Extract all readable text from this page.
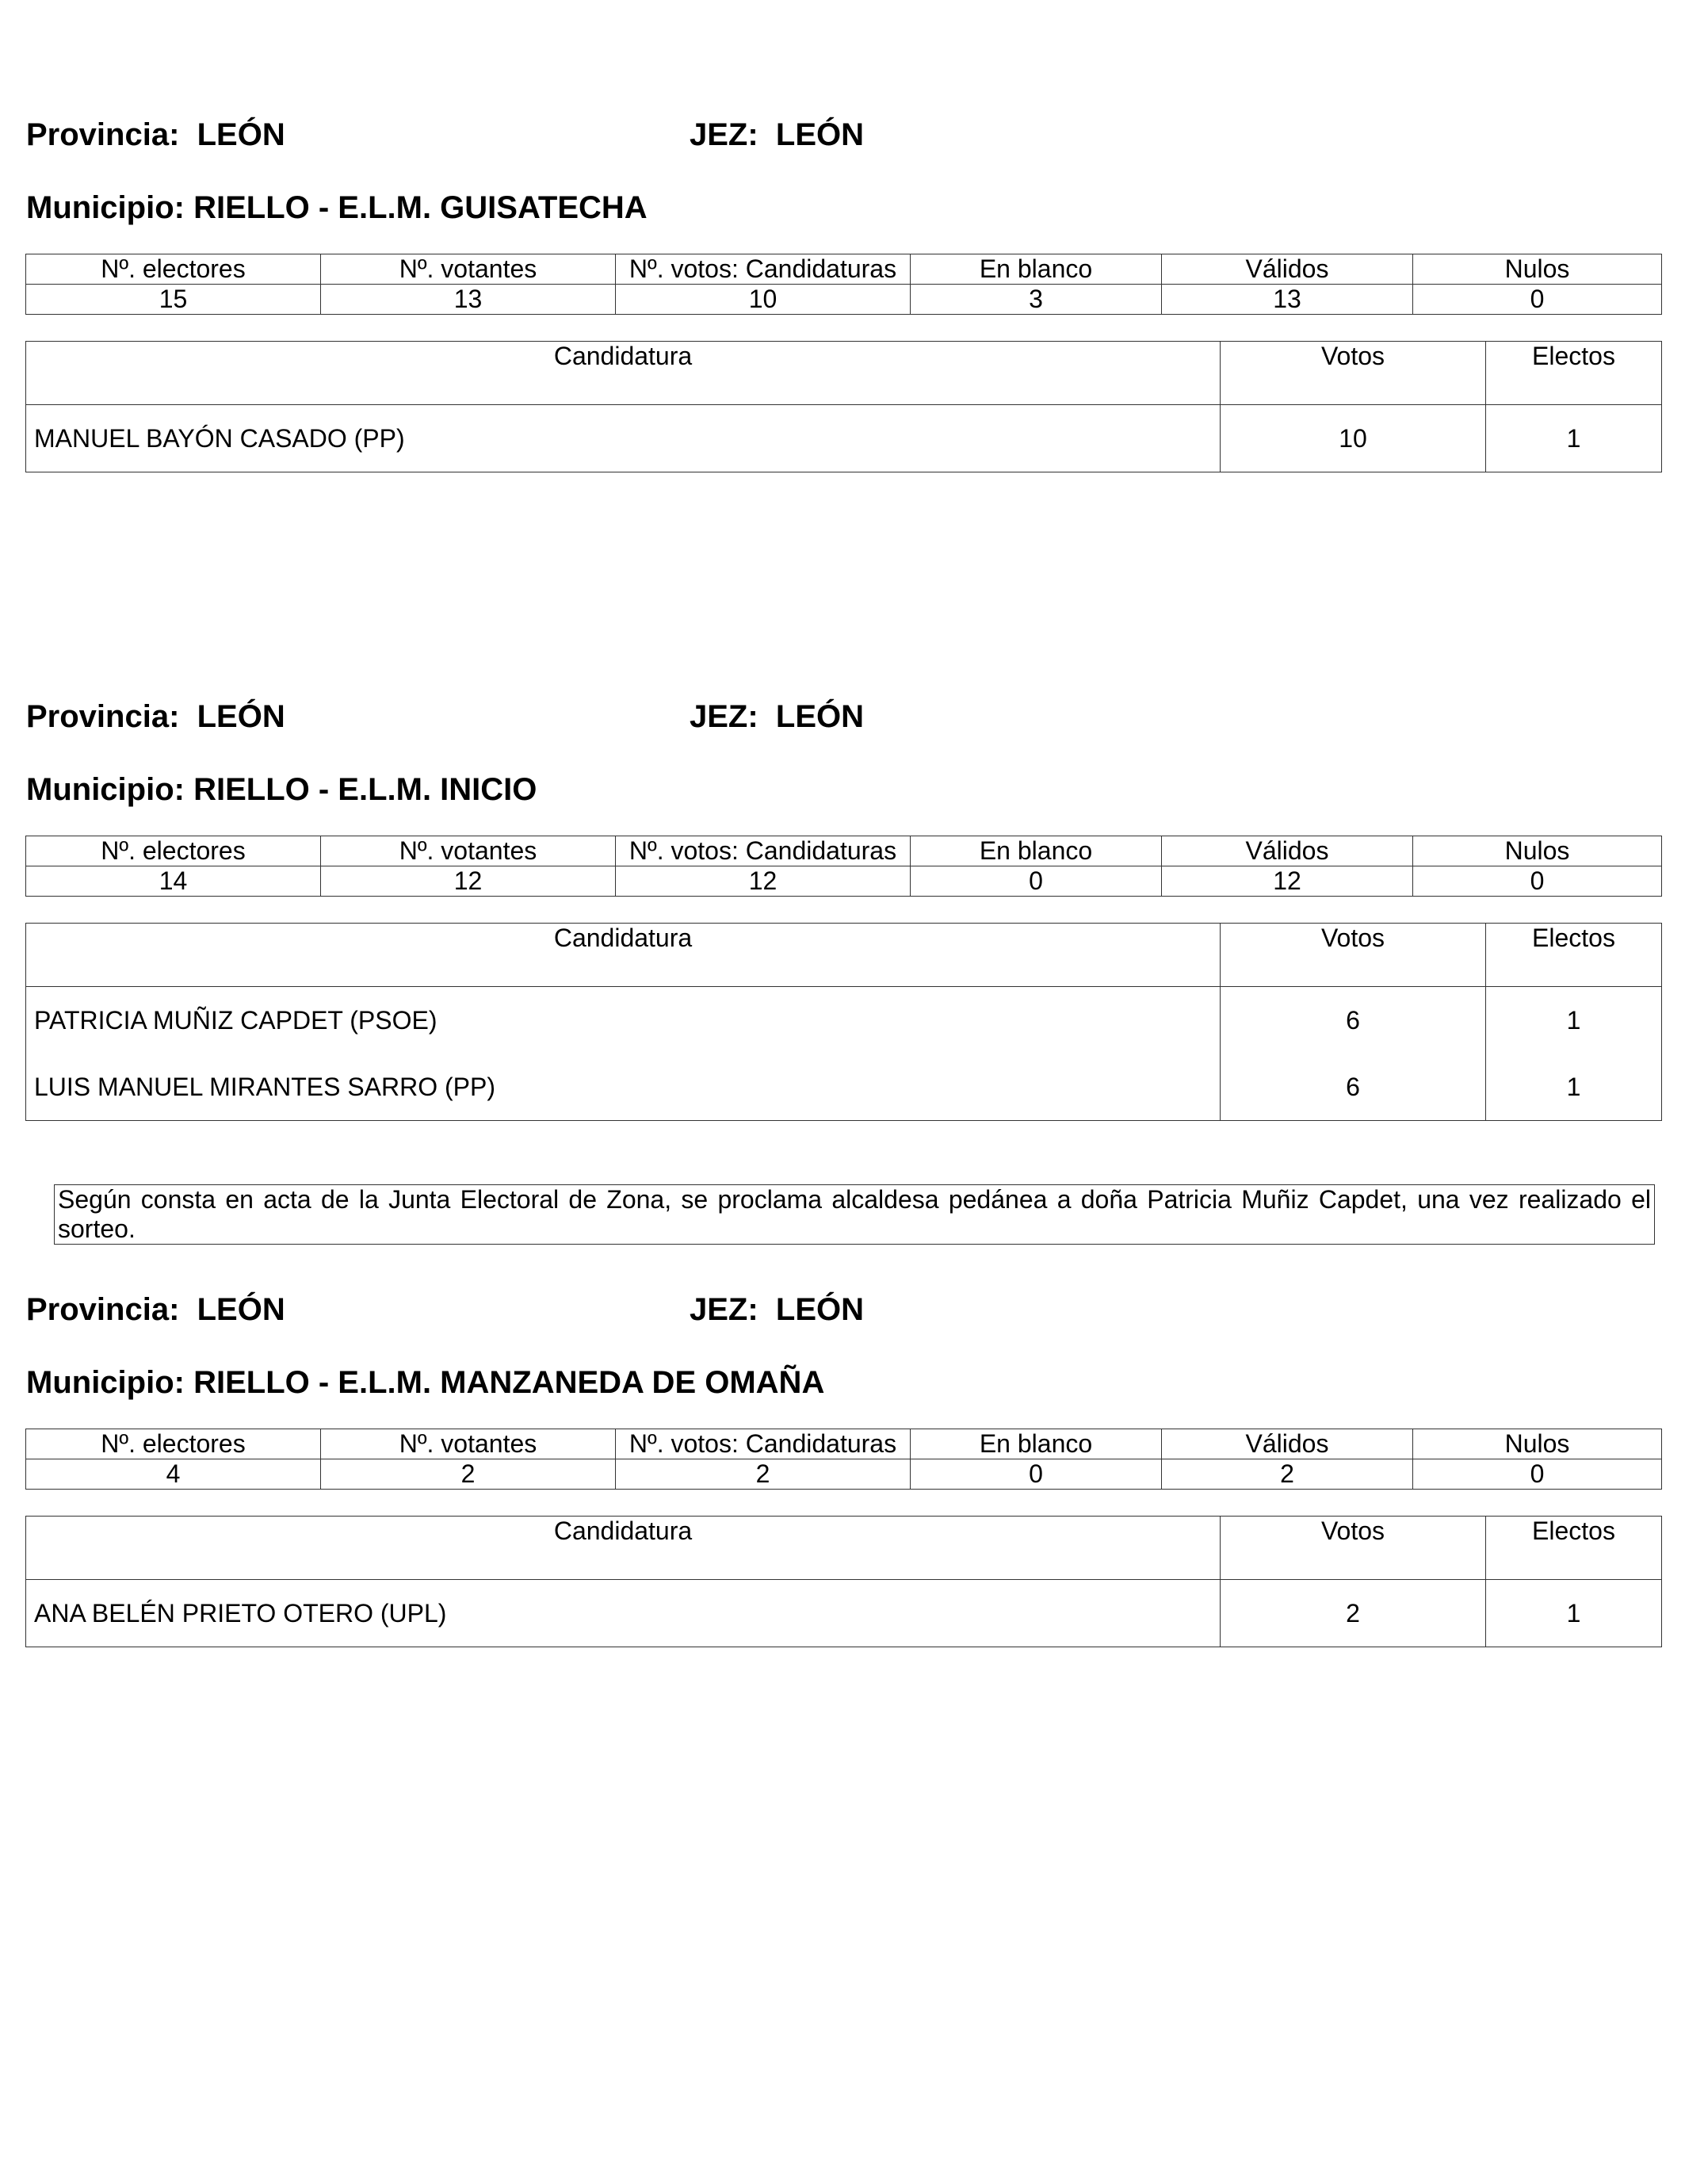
Provincia:  LEÓN	JEZ:  LEÓN
Municipio: RIELLO - E.L.M. GUISATECHA
Nº. electores	Nº. votantes	Nº. votos: Candidaturas	En blanco	Válidos	Nulos
15	13	10	3	13	0
Candidatura	Votos	Electos
MANUEL BAYÓN CASADO (PP)	10	1
Provincia:  LEÓN	JEZ:  LEÓN
Municipio: RIELLO - E.L.M. INICIO
Nº. electores	Nº. votantes	Nº. votos: Candidaturas	En blanco	Válidos	Nulos
14	12	12	0	12	0
Candidatura	Votos	Electos
PATRICIA MUÑIZ CAPDET (PSOE)	6	1
LUIS MANUEL MIRANTES SARRO (PP)	6	1
Según consta en acta de la Junta Electoral de Zona, se proclama alcaldesa pedánea a doña Patricia Muñiz Capdet, una vez realizado el sorteo.
Provincia:  LEÓN	JEZ:  LEÓN
Municipio: RIELLO - E.L.M. MANZANEDA DE OMAÑA
Nº. electores	Nº. votantes	Nº. votos: Candidaturas	En blanco	Válidos	Nulos
4	2	2	0	2	0
Candidatura	Votos	Electos
ANA BELÉN PRIETO OTERO (UPL)	2	1
